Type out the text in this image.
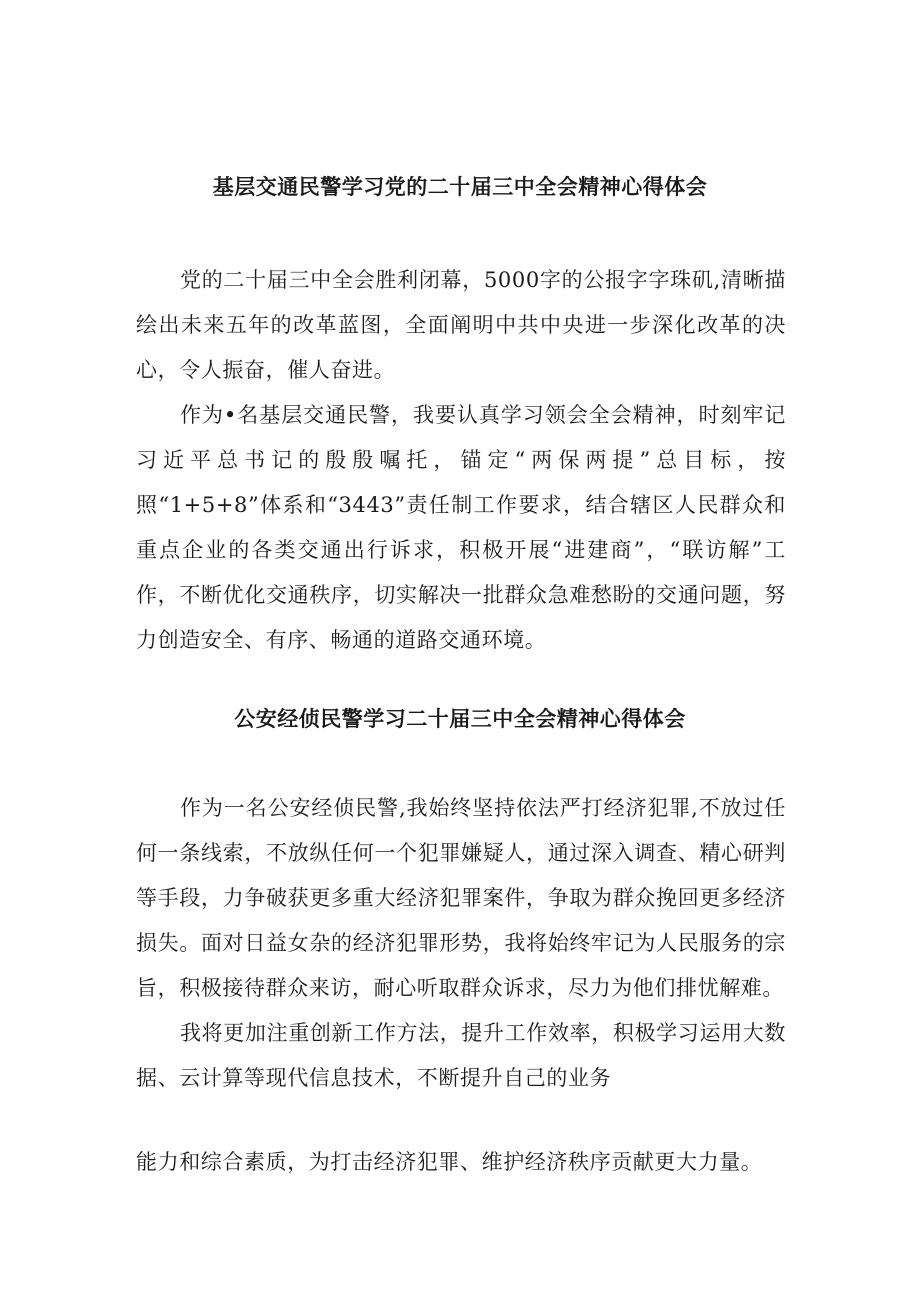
基层交通民警学习党的二十届三中全会精神心得体会
党的二十届三中全会胜利闭幕，5000字的公报字字珠矶,清晰描绘出未来五年的改革蓝图，全面阐明中共中央进一步深化改革的决心，令人振奋，催人奋进。
作为•名基层交通民警，我要认真学习领会全会精神，时刻牢记习近平总书记的殷殷嘱托，锚定“两保两提”总目标，按照“1+5+8”体系和“3443”责任制工作要求，结合辖区人民群众和重点企业的各类交通出行诉求，积极开展“进建商”，“联访解”工作，不断优化交通秩序，切实解决一批群众急难愁盼的交通问题，努力创造安全、有序、畅通的道路交通环境。
公安经侦民警学习二十届三中全会精神心得体会
作为一名公安经侦民警,我始终坚持依法严打经济犯罪,不放过任何一条线索，不放纵任何一个犯罪嫌疑人，通过深入调查、精心研判等手段，力争破获更多重大经济犯罪案件，争取为群众挽回更多经济损失。面对日益女杂的经济犯罪形势，我将始终牢记为人民服务的宗旨，积极接待群众来访，耐心听取群众诉求，尽力为他们排忧解难。
我将更加注重创新工作方法，提升工作效率，积极学习运用大数据、云计算等现代信息技术，不断提升自己的业务
能力和综合素质，为打击经济犯罪、维护经济秩序贡献更大力量。
